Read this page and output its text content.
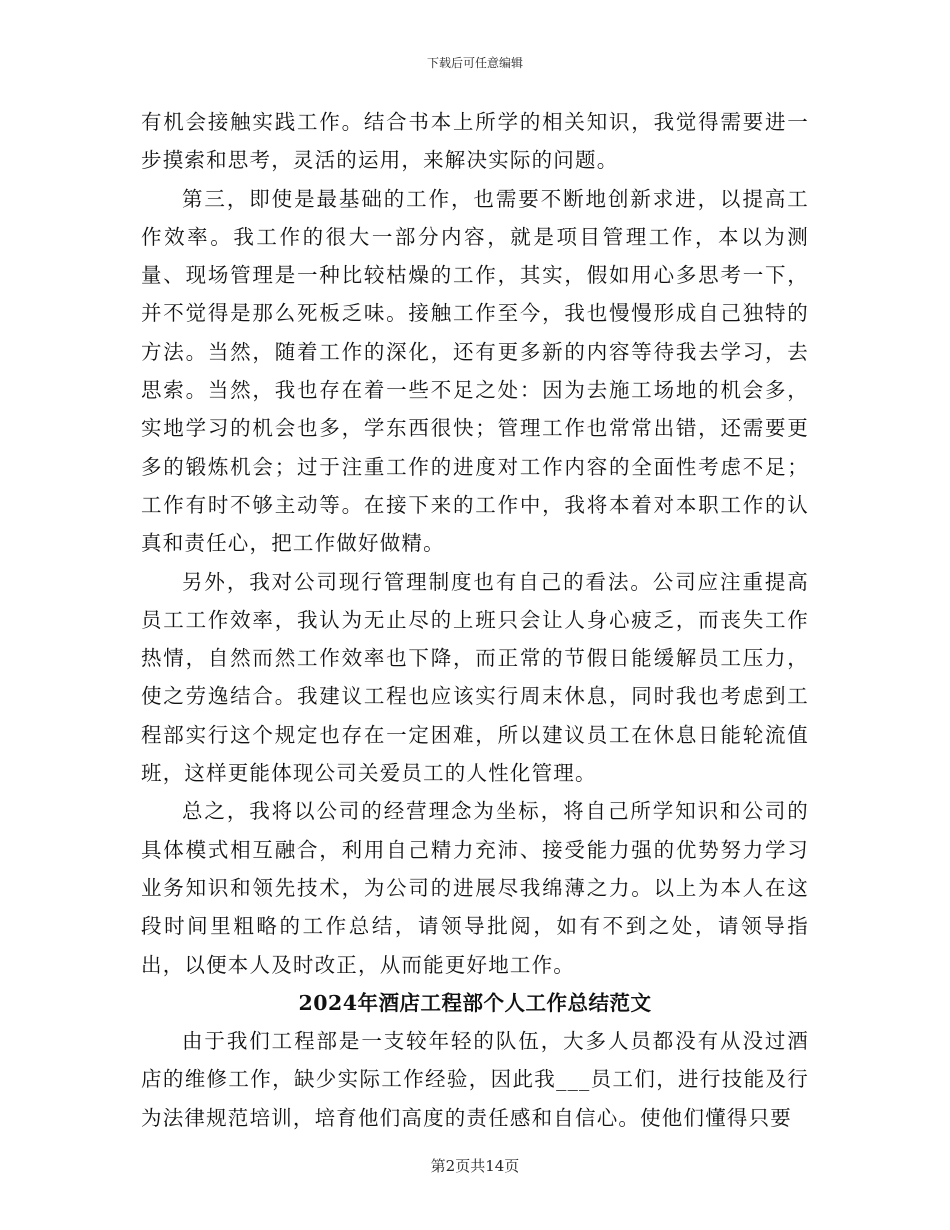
下载后可任意编辑

有机会接触实践工作。结合书本上所学的相关知识，我觉得需要进一步摸索和思考，灵活的运用，来解决实际的问题。

第三，即使是最基础的工作，也需要不断地创新求进，以提高工作效率。我工作的很大一部分内容，就是项目管理工作，本以为测量、现场管理是一种比较枯燥的工作，其实，假如用心多思考一下，并不觉得是那么死板乏味。接触工作至今，我也慢慢形成自己独特的方法。当然，随着工作的深化，还有更多新的内容等待我去学习，去思索。当然，我也存在着一些不足之处：因为去施工场地的机会多，实地学习的机会也多，学东西很快；管理工作也常常出错，还需要更多的锻炼机会；过于注重工作的进度对工作内容的全面性考虑不足；工作有时不够主动等。在接下来的工作中，我将本着对本职工作的认真和责任心，把工作做好做精。

另外，我对公司现行管理制度也有自己的看法。公司应注重提高员工工作效率，我认为无止尽的上班只会让人身心疲乏，而丧失工作热情，自然而然工作效率也下降，而正常的节假日能缓解员工压力，使之劳逸结合。我建议工程也应该实行周末休息，同时我也考虑到工程部实行这个规定也存在一定困难，所以建议员工在休息日能轮流值班，这样更能体现公司关爱员工的人性化管理。

总之，我将以公司的经营理念为坐标，将自己所学知识和公司的具体模式相互融合，利用自己精力充沛、接受能力强的优势努力学习业务知识和领先技术，为公司的进展尽我绵薄之力。以上为本人在这段时间里粗略的工作总结，请领导批阅，如有不到之处，请领导指出，以便本人及时改正，从而能更好地工作。

2024年酒店工程部个人工作总结范文

由于我们工程部是一支较年轻的队伍，大多人员都没有从没过酒店的维修工作，缺少实际工作经验，因此我___员工们，进行技能及行为法律规范培训，培育他们高度的责任感和自信心。使他们懂得只要

第2页共14页
